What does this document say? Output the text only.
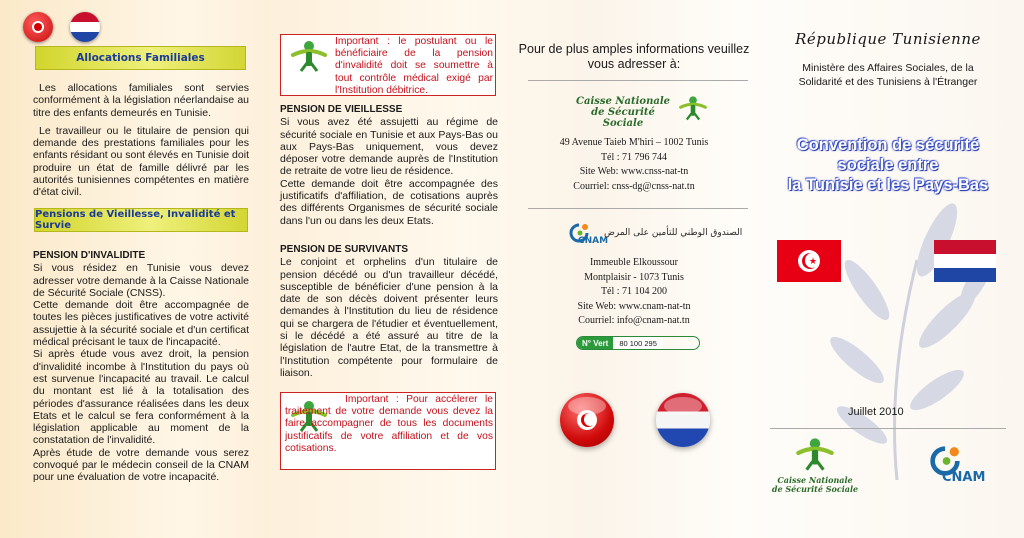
Allocations Familiales

Les allocations familiales sont servies conformément à la législation néerlandaise au titre des enfants demeurés en Tunisie.

Le travailleur ou le titulaire de pension qui demande des prestations familiales pour les enfants résidant ou sont élevés en Tunisie doit produire un état de famille délivré par les autorités tunisiennes compétentes en matière d'état civil.

Pensions de Vieillesse, Invalidité et Survie
PENSION D'INVALIDITE

Si vous résidez en Tunisie vous devez adresser votre demande à la Caisse Nationale de Sécurité Sociale (CNSS).

Cette demande doit être accompagnée de toutes les pièces justificatives de votre activité assujettie à la sécurité sociale et d'un certificat médical précisant le taux de l'incapacité.

Si après étude vous avez droit, la pension d'invalidité incombe à l'Institution du pays où est survenue l'incapacité au travail. Le calcul du montant est lié à la totalisation des périodes d'assurance réalisées dans les deux Etats et le calcul se fera conformément à la législation applicable au moment de la constatation de l'invalidité.

Après étude de votre demande vous serez convoqué par le médecin conseil de la CNAM pour une évaluation de votre incapacité.

Important : le postulant ou le bénéficiaire de la pension d'invalidité doit se soumettre à tout contrôle médical exigé par l'Institution débitrice.
PENSION DE VIEILLESSE

Si vous avez été assujetti au régime de sécurité sociale en Tunisie et aux Pays-Bas ou aux Pays-Bas uniquement, vous devez déposer votre demande auprès de l'Institution de retraite de votre lieu de résidence.

Cette demande doit être accompagnée des justificatifs d'affiliation, de cotisations auprès des différents Organismes de sécurité sociale dans l'un ou dans les deux Etats.

PENSION DE SURVIVANTS

Le conjoint et orphelins d'un titulaire de pension décédé ou d'un travailleur décédé, susceptible de bénéficier d'une pension à la date de son décès doivent présenter leurs demandes à l'Institution du lieu de résidence qui se chargera de l'étudier et éventuellement, si le décédé a été assuré au titre de la législation de l'autre Etat, de la transmettre à l'Institution compétente pour formulaire de liaison.

Important : Pour accélerer le traitement de votre demande vous devez la faire accompagner de tous les documents justificatifs de votre affiliation et de vos cotisations.
Pour de plus amples informations veuillez vous adresser à:
Caisse Nationale
de Sécurité Sociale
49 Avenue Taieb M'hiri – 1002 Tunis
Tél : 71 796 744
Site Web: www.cnss-nat-tn
Courriel: cnss-dg@cnss-nat.tn
CNAM
الصندوق الوطني للتأمين على المرض
Immeuble Elkoussour
Montplaisir - 1073 Tunis
Tél : 71 104 200
Site Web: www.cnam-nat-tn
Courriel: info@cnam-nat.tn
N° Vert	80 100 295
République Tunisienne
Ministère des Affaires Sociales, de la Solidarité et des Tunisiens à l'Étranger
Convention de sécurité
sociale entre
la Tunisie et les Pays-Bas
★
Juillet 2010
Caisse Nationale
de Sécurité Sociale
CNAM
